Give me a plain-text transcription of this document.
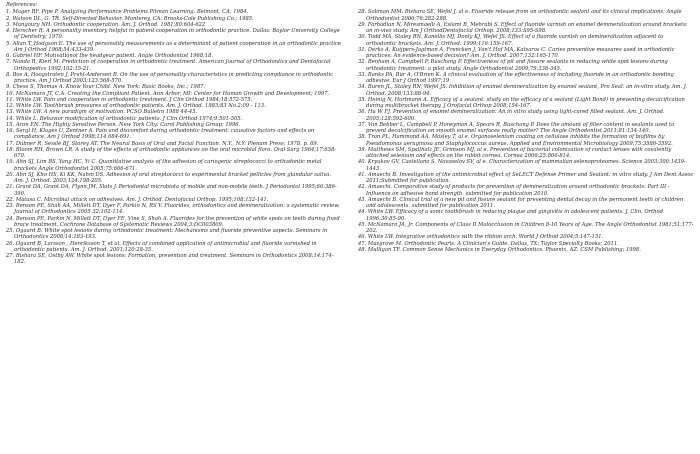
References:

1. Mager RF, Pipe P. Analyzing Performance Problems Pitman Learning. Belmont, CA; 1984.

2. Watson DL, G. TR. Self-Directed Behavior. Monterey, CA: Brooks-Cole Publishing Co.; 1985.

3. Mangoury NH. Orthodontic cooperation. Am. J. Orthod. 1981;80:604-622.

4. Herscher R. A personality inventory helpful in patient cooperation in orthodontic practice. Dallas: Baylor University College of Dentistry; 1970.

5. Allan T, Hodgson E. The use of personality measurements as a determinant of patient cooperation in an orthodontic practice Am J Orthod 1968;54:433-439.

6. Gabriel HF. Motivationof the headgear patient. Angle Orthodontist 1968;18.

7. Nanda R, Kierl M. Prediction of cooperation in orthodontic treatment. American Journal of Orthodontics and Dentofacial Orthopedics 1992;102:15-21.

8. Bos A, Hoogstraten J, Prahl-Andersen B. On the use of personality characteristics in predicting compliance in orthodontic practice. Am J Orthod 2003;123:568-570.

9. Chess S, Thomas A. Know Your Child. New York: Basic Books, Inc.; 1987.

10. McNamara JT, C.A. Creating the Compliant Patient. Ann Arbor, MI: Center for Human Growth and Development; 1997.

11. White LW. Pain and cooperation in orthodontic treatment. J Clin Orthod 1984;18:572-575.

12. White LW. Toothbrush pressures of orthodontic patients. Am. J. Orthod. 1983;83 No.2:09 - 113.

13. White LW. A new paradigm of motivation. PCSO Bulletin 1988 44-45.

14. White L. Behavior modification of orthodontic patients. J Clin Orthod 1974;9:501-505.

15. Aron EN. The Highly Sensitive Person. New York City: Carol Publishing Group; 1996.

16. Sergl H, Klages U, Zentner A. Pain and discomfort during orthodontic treatment: causative factors and effects on compliance. Am J Orthod 1998;114 684-691.

17. Dubner R, Sessle BJ, Storey AT. The Neural Basis of Oral and Facial Function. N.Y., N.Y: Plenum Press; 1978. p. 69.

18. Bloom RH, Brown LR. A study of the effects of orthodontic appliances on the oral microbial flora. Oral Surg 1964;17:658-670.

19. Ahn SJ, Lim BS, Yang HC, Yi C. Quantitative analysis of the adhesion of cariogenic streptococci to orthodontic metal brackets Angle Orthodontist 2005;75:666-671.

20. Ahn SJ, Kho HS, Ki KK, Nahm DS. Adhesion of oral streptococci to experimental bracket pellicles from glandular saliva. Am. J. Orthod. 2003;124:198-205.

21. Grant DA, Grant DA, Flynn JM, Slots J. Periodontal microbiota of mobile and non-mobile teeth. J Periodontol 1995;66:386-390.

22. Matasa C. Microbial attack on adhesives. Am. J. Orthod. Dentofacial Orthop. 1995;108:132-141.

23. Benson PE, Shah AA, Millett DT, Dyer F, Parkin N, RS V. Fluorides, orthodontics and demineralization: a systematic review. Journal of Orthodontics 2005 32:102-114.

24. Benson PE, Parkin N, Millett DT, Dyer FE, Vine S, Shah A. Fluorides for the prevention of white spots on teeth during fixed brace treatment. Cochrane Database of Systematic Reviews 2004;3:DC003809.

25. Ogaard B. White spot lesions during orthodontic treatment: Mechanisms and fluoride preventive aspects. Seminars in Orthodontics 2008;14:183-193.

26. Ogaard B, Larsson , Henriksson T, et al. Effects of combined application of antimicrobial and fluoride varnished in orthodontic patients. Am. J. Orthod. 2001;120:28-35.

27. Bishara SE, Ostby AW. White spot lesions: Formation, prevention and treatment. Seminars in Orthodontics 2008;14:174-182.

28. Soliman MM, Bishara SE, Wefel J, al e. Fluoride release from an orthodontic sealant and its clinical implications. Angle Orthodontist 2006;76:282-288.

29. Farhadian N, Miresmaeili A, Eslami B, Mehrabi S. Effect of fluoride varnish on enamel demineralization around brackets: an in-vivo study. Am J OrthodDentofacial Orthop. 2008;133:S95-S98.

30. Todd MA, Staley RN, Kanellis MJ, Donly KJ, Wefel JS. Effect of a fluoride varnish on demineralization adjacent to orthodontic brackets. Am. J. Orthod. 1999;116:159-167.

31. Derks A, Kuijpers-Jagtman A, Frencken J, Van't Hof MA, Katsaros C. Caries preventive measures used in orthodontic practices: An evidence-based decision? Am. J. Orthod. 2007;132:165-170.

32. Benham A, Campbell P, Buschang P. Effectiveness of pit and fissure sealants in reducing white spot lesions during orthodontic treatment: a pilot study. Angle Orthodontist 2009;79:338-345.

33. Banks PA, Bur A, O'Brien K. A clinical evaluation of the effectiveness of including fluoride in an orthodontic bonding adhesive. Eur J Orthod 1997;19.

34. Buren JL, Staley RN, Wefel JS. Inhibition of enamel demineralization by enamel sealant, Pro Seal: an in-vitro study. Am. J. Orthod. 2008;133:88-94.

35. Heinig N, Hartmann A. Efficacy of a sealant: study on the efficacy of a sealant (Light Bond) in preventing decalcification during multibracket therapy. J Orofacial Orthop 2008;154-167.

36. Hu W FJ. Prevention of enamel demineralization: An in vitro study using light-cured filled sealant. Am. J. Orthod. 2005;128:592-600.

37. Van Bebber L, Campbell P, Honeyman A, Spears R, Buschang P. Does the amount of filler content in sealants used to prevent decalcification on smooth enamel surfaces really matter? The Angle Orthodontist 2011;81:134-140.

38. Tran PL, Hammond AA, Mosley T, al e. Organoselenium coating on cellulose inhibits the formation of biofilms by Pseudomonas aeruginosa and Staphylococcus aureus. Applied and Environmental Microbiology 2009;75:3586-3592.

39. Matthews SM, Spallholz JE, Grimson MJ, al e. Prevention of bacterial colonization of contact lenses with covalently attached selenium and effects on the rabbit cornea. Cornea 2006;25:806-814.

40. Kryukov GV, Castellano S, Novoselov SV, al e. Characterization of mammalian selenoproteomes. Science 2003;300:1439-1443.

41. Amaechi B. Investigation of the antimicrobial effect of SeLECT Defense Primer and Sealant: in vitro study. J Am Dent Assoc 2011;Submitted for publication.

42. Amaechi. Comparative study of products for prevention of demineralization around orthodontic brackets: Part III - Influence on adhesive bond strength. submitted for publication 2010.

43. Amaechi B. Clinical trial of a new pit and fissure sealant for preventing dental decay in the permanent teeth of children and adolescents. submitted for publication 2011.

44. White LW. Efficacy of a sonic toothbrush in reducing plaque and gingivitis in adolescent patients. J. Clin. Orthod. 1996;30:85-90.

45. McNamara JA, Jr. Components of Class II Malocclusion in Children 8-10 Years of Age. The Angle Orthodontist 1981;51:177-202.

46. White LW. Integrative orthodontics with the ribbon arch. World J Orthod 2004;5:147-151.

47. Musgrave M. Orthodontic Pearls: A Clinician's Guide. Dallas, TX: Taylor Specialty Books; 2011.

48. Mulligan TF. Common Sense Mechanics in Everyday Orthodontics. Phoenix, AZ: CSM Publishing; 1998.
